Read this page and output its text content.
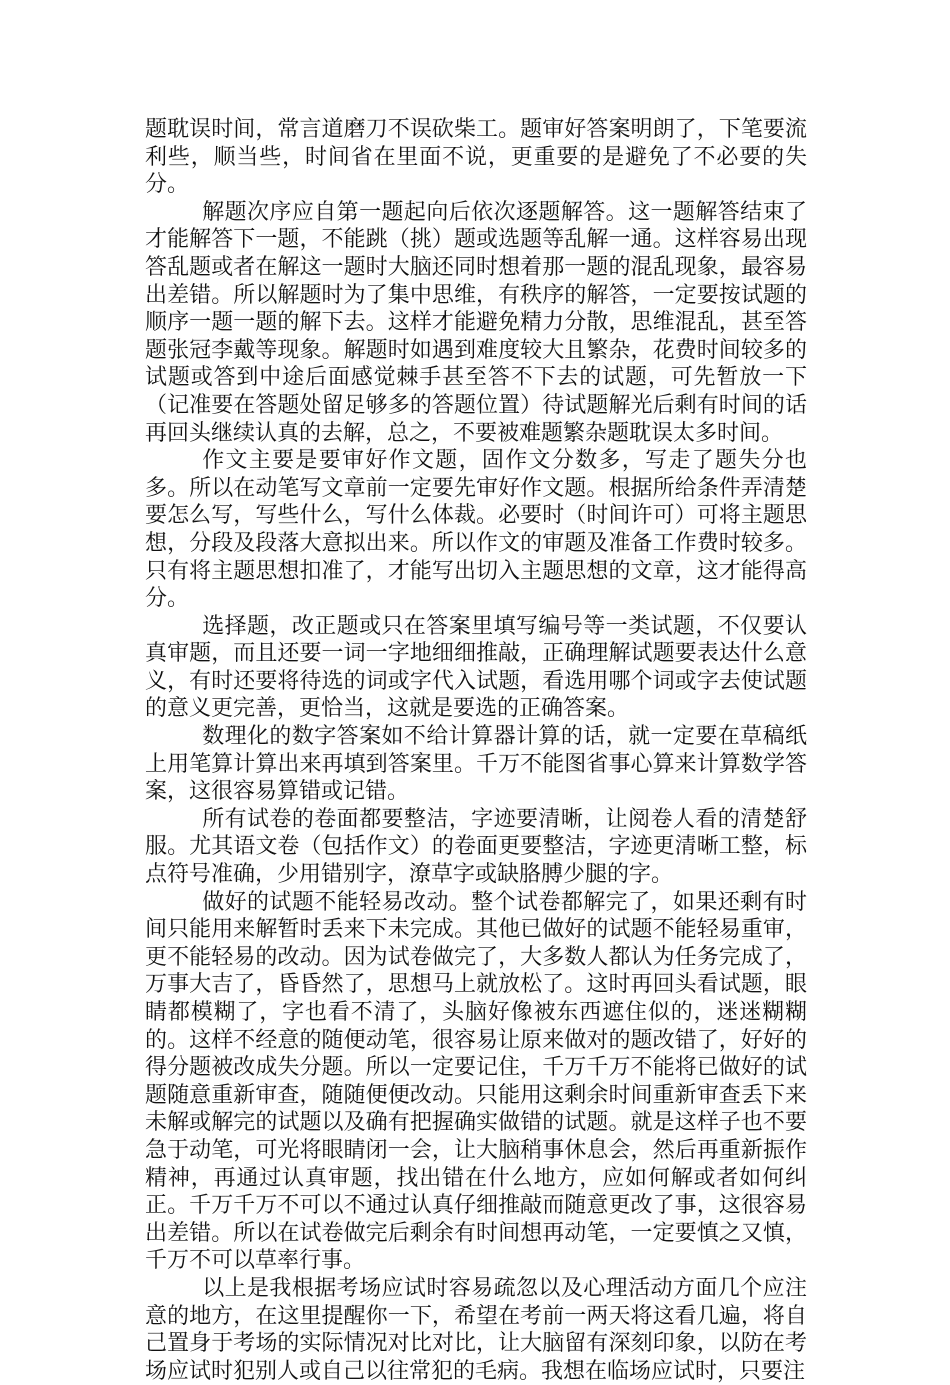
题耽误时间，常言道磨刀不误砍柴工。题审好答案明朗了，下笔要流利些，顺当些，时间省在里面不说，更重要的是避免了不必要的失分。

解题次序应自第一题起向后依次逐题解答。这一题解答结束了才能解答下一题，不能跳（挑）题或选题等乱解一通。这样容易出现答乱题或者在解这一题时大脑还同时想着那一题的混乱现象，最容易出差错。所以解题时为了集中思维，有秩序的解答，一定要按试题的顺序一题一题的解下去。这样才能避免精力分散，思维混乱，甚至答题张冠李戴等现象。解题时如遇到难度较大且繁杂，花费时间较多的试题或答到中途后面感觉棘手甚至答不下去的试题，可先暂放一下（记准要在答题处留足够多的答题位置）待试题解光后剩有时间的话再回头继续认真的去解，总之，不要被难题繁杂题耽误太多时间。

作文主要是要审好作文题，固作文分数多，写走了题失分也多。所以在动笔写文章前一定要先审好作文题。根据所给条件弄清楚要怎么写，写些什么，写什么体裁。必要时（时间许可）可将主题思想，分段及段落大意拟出来。所以作文的审题及准备工作费时较多。只有将主题思想扣准了，才能写出切入主题思想的文章，这才能得高分。

选择题，改正题或只在答案里填写编号等一类试题，不仅要认真审题，而且还要一词一字地细细推敲，正确理解试题要表达什么意义，有时还要将待选的词或字代入试题，看选用哪个词或字去使试题的意义更完善，更恰当，这就是要选的正确答案。

数理化的数字答案如不给计算器计算的话，就一定要在草稿纸上用笔算计算出来再填到答案里。千万不能图省事心算来计算数学答案，这很容易算错或记错。

所有试卷的卷面都要整洁，字迹要清晰，让阅卷人看的清楚舒服。尤其语文卷（包括作文）的卷面更要整洁，字迹更清晰工整，标点符号准确，少用错别字，潦草字或缺胳膊少腿的字。

做好的试题不能轻易改动。整个试卷都解完了，如果还剩有时间只能用来解暂时丢来下未完成。其他已做好的试题不能轻易重审，更不能轻易的改动。因为试卷做完了，大多数人都认为任务完成了，万事大吉了，昏昏然了，思想马上就放松了。这时再回头看试题，眼睛都模糊了，字也看不清了，头脑好像被东西遮住似的，迷迷糊糊的。这样不经意的随便动笔，很容易让原来做对的题改错了，好好的得分题被改成失分题。所以一定要记住，千万千万不能将已做好的试题随意重新审查，随随便便改动。只能用这剩余时间重新审查丢下来未解或解完的试题以及确有把握确实做错的试题。就是这样子也不要急于动笔，可光将眼睛闭一会，让大脑稍事休息会，然后再重新振作精神，再通过认真审题，找出错在什么地方，应如何解或者如何纠正。千万千万不可以不通过认真仔细推敲而随意更改了事，这很容易出差错。所以在试卷做完后剩余有时间想再动笔，一定要慎之又慎，千万不可以草率行事。

以上是我根据考场应试时容易疏忽以及心理活动方面几个应注意的地方，在这里提醒你一下，希望在考前一两天将这看几遍，将自己置身于考场的实际情况对比对比，让大脑留有深刻印象，以防在考场应试时犯别人或自己以往常犯的毛病。我想在临场应试时，只要注
